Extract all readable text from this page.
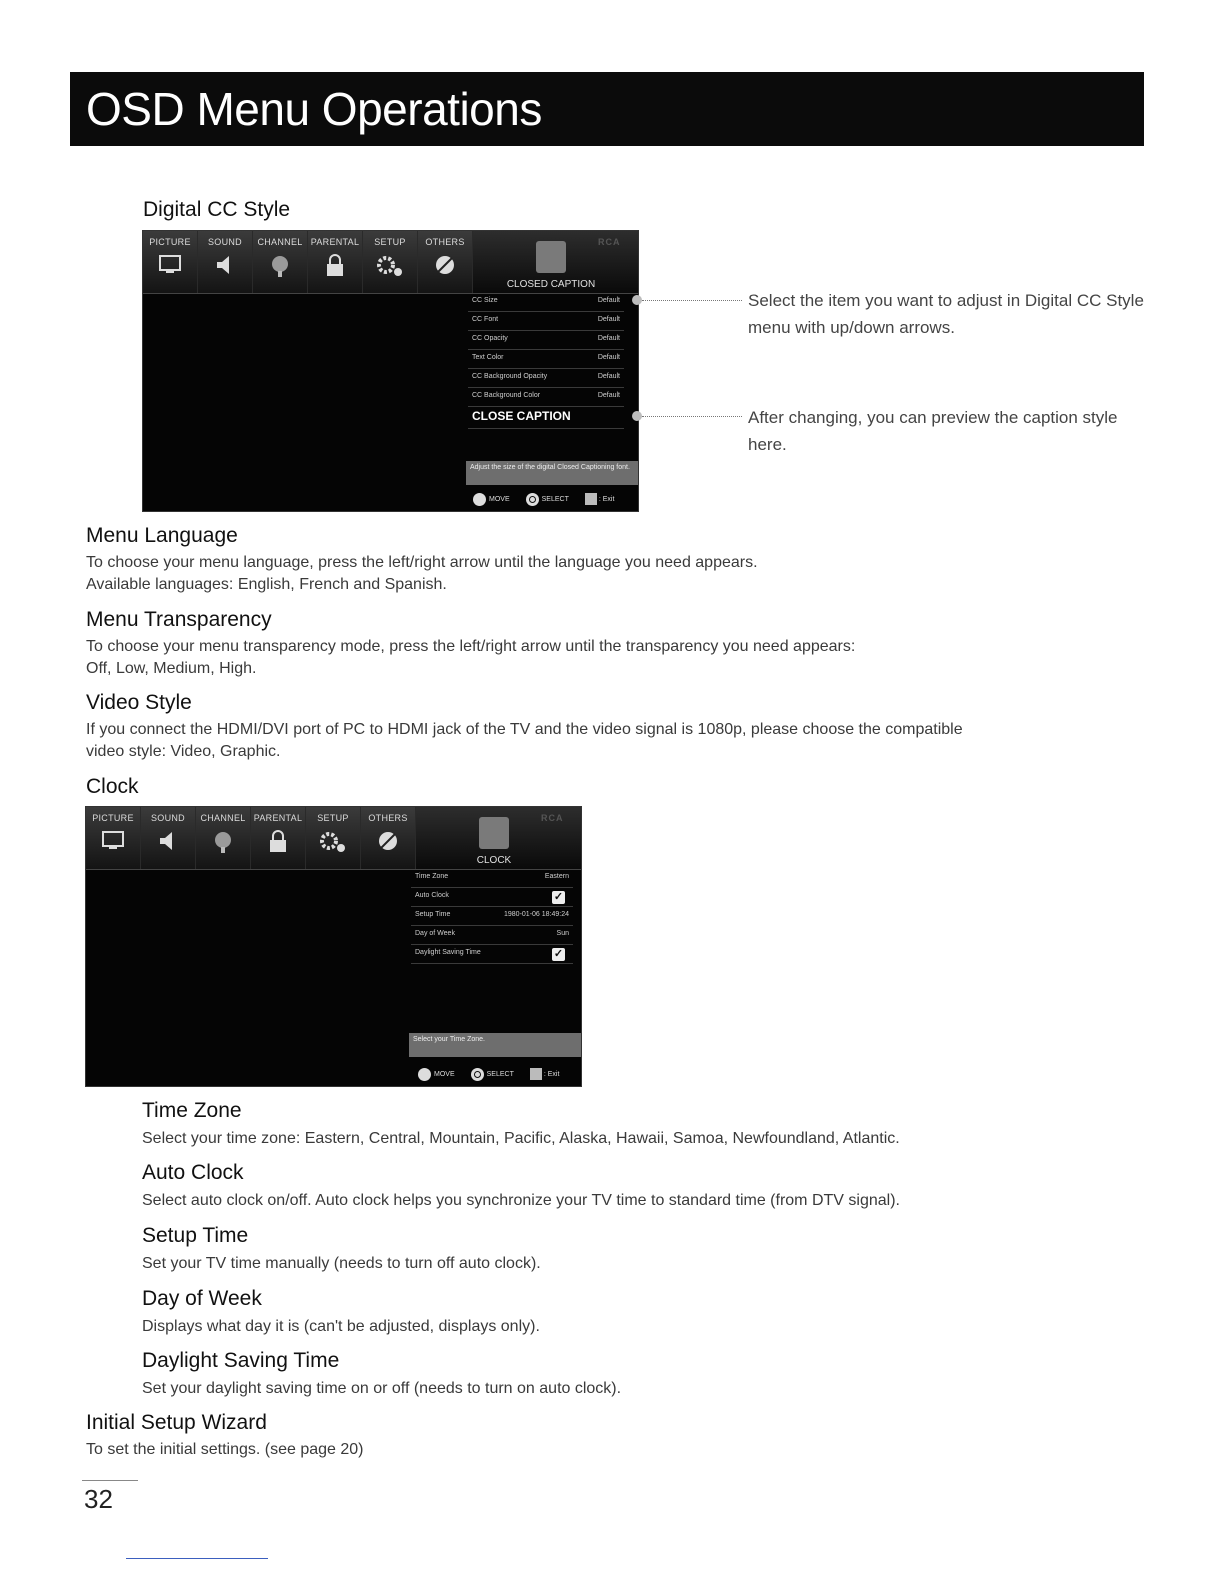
OSD Menu Operations
Digital CC Style
PICTURE	SOUND	CHANNEL PARENTAL	SETUP	OTHERS	RCA
CLOSED CAPTION
CC Size	Default
CC Font	Default
CC Opacity	Default
Text Color	Default
CC Background Opacity	Default
CC Background Color	Default
CLOSE CAPTION
Adjust the size of the digital Closed Captioning font.
MOVE	SELECT	: Exit
Select the item you want to adjust in Digital CC Style menu with up/down arrows.
After changing, you can preview the caption style here.
Menu Language
To choose your menu language, press the left/right arrow until the language you need appears.
Available languages: English, French and Spanish.
Menu Transparency
To choose your menu transparency mode, press the left/right arrow until the transparency you need appears:
Off, Low, Medium, High.
Video Style
If you connect the HDMI/DVI port of PC to HDMI jack of the TV and the video signal is 1080p, please choose the compatible
video style: Video, Graphic.
Clock
PICTURE	SOUND	CHANNEL PARENTAL	SETUP	OTHERS	RCA
CLOCK
Time Zone	Eastern
Auto Clock	✓
Setup Time	1980-01-06 18:49:24
Day of Week	Sun
Daylight Saving Time	✓
Select your Time Zone.
MOVE	SELECT	: Exit
Time Zone
Select your time zone: Eastern, Central, Mountain, Pacific, Alaska, Hawaii, Samoa, Newfoundland, Atlantic.
Auto Clock
Select auto clock on/off. Auto clock helps you synchronize your TV time to standard time (from DTV signal).
Setup Time
Set your TV time manually (needs to turn off auto clock).
Day of Week
Displays what day it is (can't be adjusted, displays only).
Daylight Saving Time
Set your daylight saving time on or off (needs to turn on auto clock).
Initial Setup Wizard
To set the initial settings. (see page 20)
32
